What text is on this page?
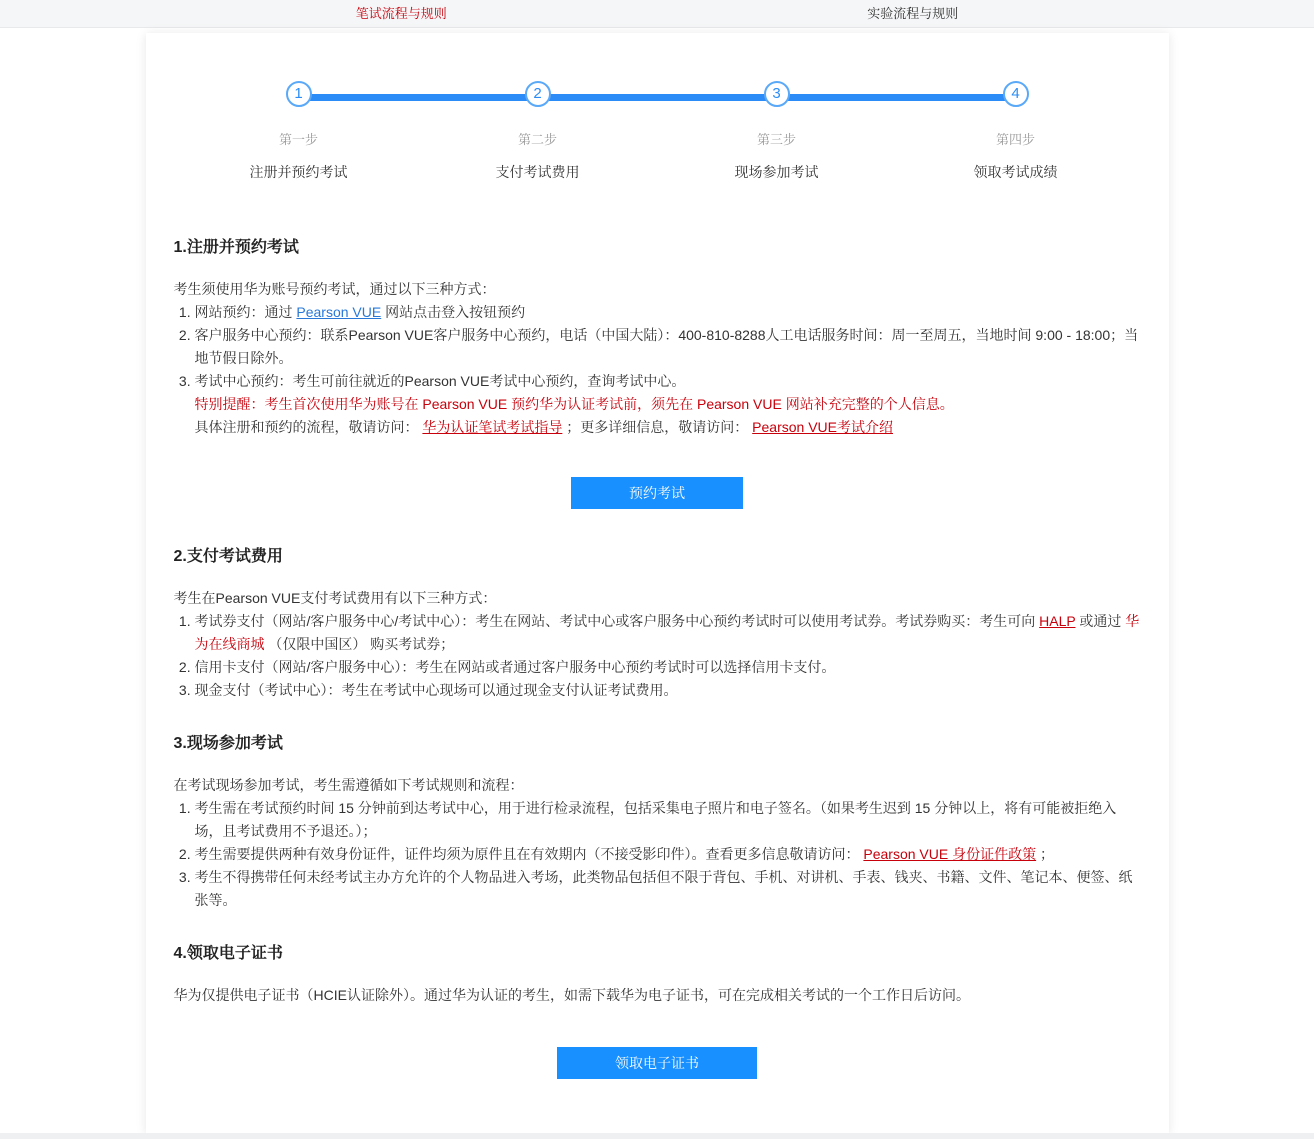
笔试流程与规则	实验流程与规则
1
第一步
注册并预约考试
2
第二步
支付考试费用
3
第三步
现场参加考试
4
第四步
领取考试成绩
1.注册并预约考试

考生须使用华为账号预约考试，通过以下三种方式：

1. 网站预约：通过 Pearson VUE 网站点击登入按钮预约
2. 客户服务中心预约：联系Pearson VUE客户服务中心预约，电话（中国大陆）：400-810-8288人工电话服务时间：周一至周五，当地时间 9:00 - 18:00；当地节假日除外。
3. 考试中心预约：考生可前往就近的Pearson VUE考试中心预约，查询考试中心。

特别提醒：考生首次使用华为账号在 Pearson VUE 预约华为认证考试前，须先在 Pearson VUE 网站补充完整的个人信息。

具体注册和预约的流程，敬请访问： 华为认证笔试考试指导 ；更多详细信息，敬请访问： Pearson VUE考试介绍

预约考试
2.支付考试费用

考生在Pearson VUE支付考试费用有以下三种方式：

1. 考试券支付（网站/客户服务中心/考试中心）：考生在网站、考试中心或客户服务中心预约考试时可以使用考试券。考试券购买：考生可向 HALP 或通过 华为在线商城 （仅限中国区） 购买考试券；
2. 信用卡支付（网站/客户服务中心）：考生在网站或者通过客户服务中心预约考试时可以选择信用卡支付。
3. 现金支付（考试中心）：考生在考试中心现场可以通过现金支付认证考试费用。
3.现场参加考试

在考试现场参加考试，考生需遵循如下考试规则和流程：

1. 考生需在考试预约时间 15 分钟前到达考试中心，用于进行检录流程，包括采集电子照片和电子签名。（如果考生迟到 15 分钟以上，将有可能被拒绝入场，且考试费用不予退还。）；
2. 考生需要提供两种有效身份证件，证件均须为原件且在有效期内（不接受影印件）。查看更多信息敬请访问： Pearson VUE 身份证件政策 ；
3. 考生不得携带任何未经考试主办方允许的个人物品进入考场，此类物品包括但不限于背包、手机、对讲机、手表、钱夹、书籍、文件、笔记本、便签、纸张等。
4.领取电子证书

华为仅提供电子证书（HCIE认证除外）。通过华为认证的考生，如需下载华为电子证书，可在完成相关考试的一个工作日后访问。

领取电子证书
